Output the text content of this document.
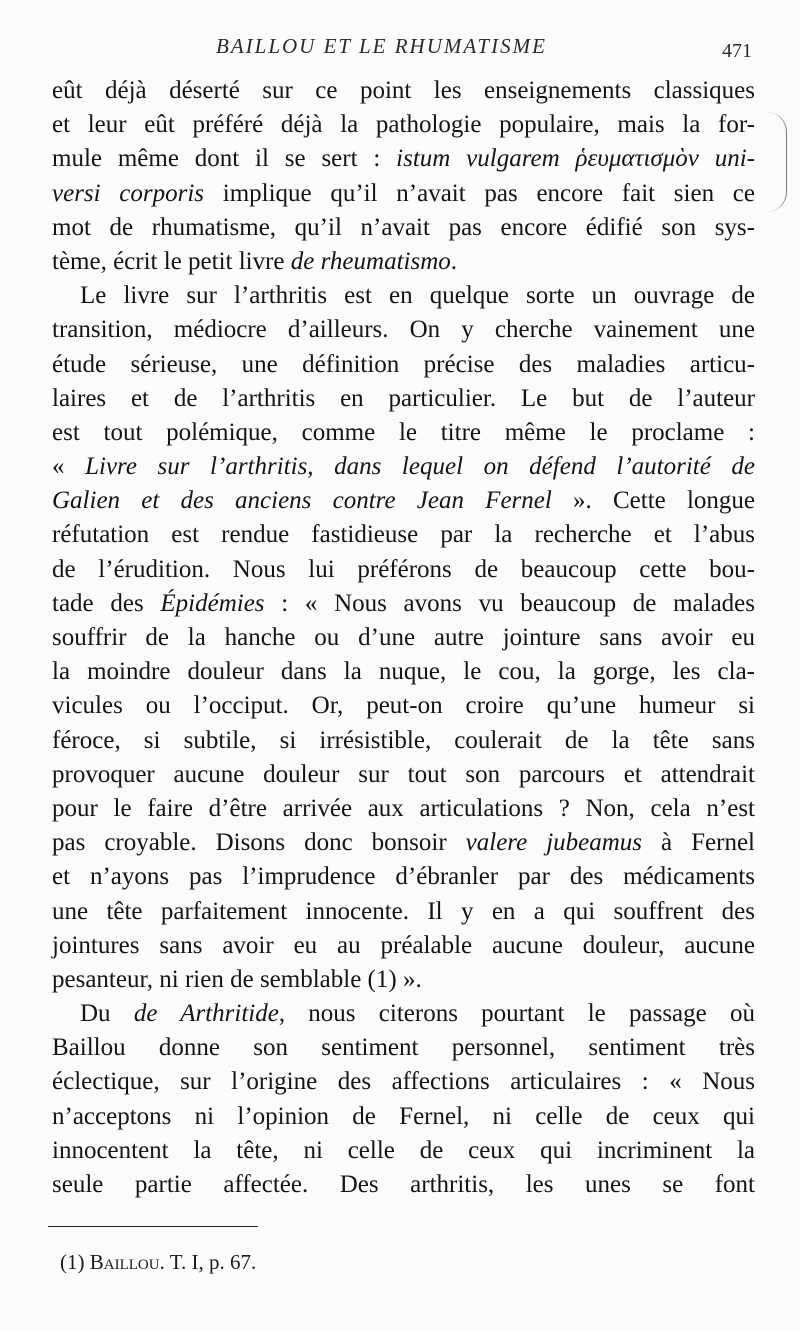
BAILLOU ET LE RHUMATISME	471
eût déjà déserté sur ce point les enseignements classiques
et leur eût préféré déjà la pathologie populaire, mais la for-
mule même dont il se sert : istum vulgarem ῥευματισμὸν uni-
versi corporis implique qu’il n’avait pas encore fait sien ce
mot de rhumatisme, qu’il n’avait pas encore édifié son sys-
tème, écrit le petit livre de rheumatismo.
Le livre sur l’arthritis est en quelque sorte un ouvrage de
transition, médiocre d’ailleurs. On y cherche vainement une
étude sérieuse, une définition précise des maladies articu-
laires et de l’arthritis en particulier. Le but de l’auteur
est tout polémique, comme le titre même le proclame :
« Livre sur l’arthritis, dans lequel on défend l’autorité de
Galien et des anciens contre Jean Fernel ». Cette longue
réfutation est rendue fastidieuse par la recherche et l’abus
de l’érudition. Nous lui préférons de beaucoup cette bou-
tade des Épidémies : « Nous avons vu beaucoup de malades
souffrir de la hanche ou d’une autre jointure sans avoir eu
la moindre douleur dans la nuque, le cou, la gorge, les cla-
vicules ou l’occiput. Or, peut-on croire qu’une humeur si
féroce, si subtile, si irrésistible, coulerait de la tête sans
provoquer aucune douleur sur tout son parcours et attendrait
pour le faire d’être arrivée aux articulations ? Non, cela n’est
pas croyable. Disons donc bonsoir valere jubeamus à Fernel
et n’ayons pas l’imprudence d’ébranler par des médicaments
une tête parfaitement innocente. Il y en a qui souffrent des
jointures sans avoir eu au préalable aucune douleur, aucune
pesanteur, ni rien de semblable (1) ».
Du de Arthritide, nous citerons pourtant le passage où
Baillou donne son sentiment personnel, sentiment très
éclectique, sur l’origine des affections articulaires : « Nous
n’acceptons ni l’opinion de Fernel, ni celle de ceux qui
innocentent la tête, ni celle de ceux qui incriminent la
seule partie affectée. Des arthritis, les unes se font
(1) Baillou. T. I, p. 67.
